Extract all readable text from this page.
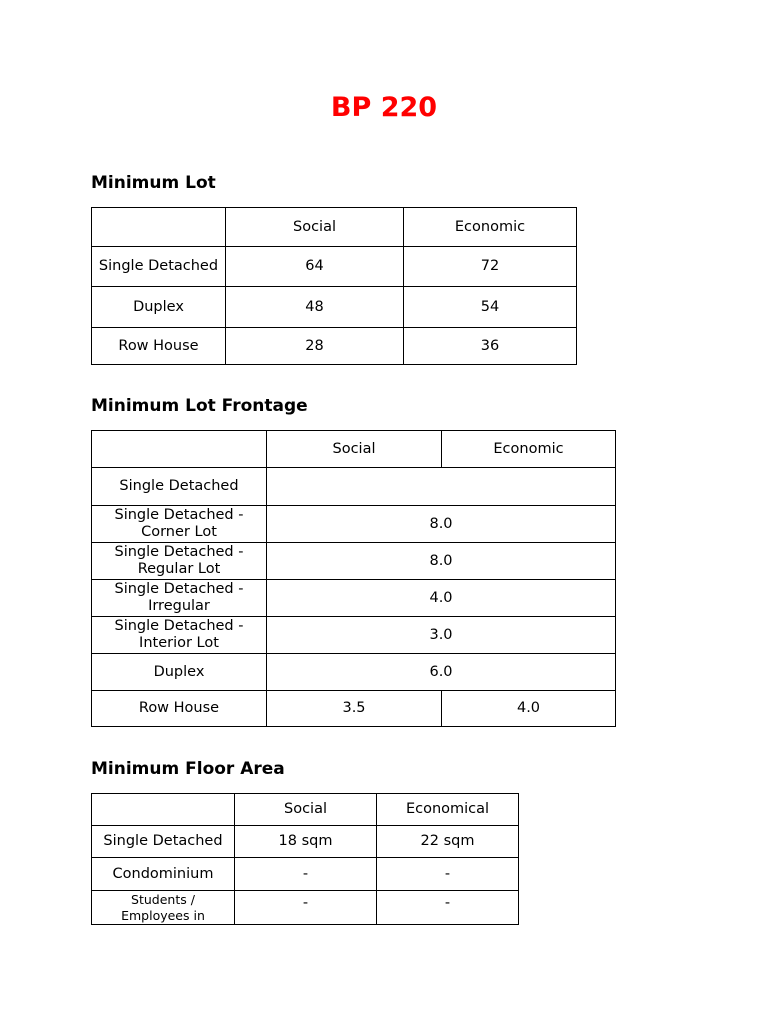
BP 220
Minimum Lot
	Social	Economic
Single Detached	64	72
Duplex	48	54
Row House	28	36
Minimum Lot Frontage
	Social	Economic
Single Detached		
Single Detached - Corner Lot	8.0	
Single Detached - Regular Lot	8.0	
Single Detached - Irregular	4.0	
Single Detached - Interior Lot	3.0	
Duplex	6.0	
Row House	3.5	4.0
Minimum Floor Area
	Social	Economical
Single Detached	18 sqm	22 sqm
Condominium	-	-
Students / Employees in	-	-
